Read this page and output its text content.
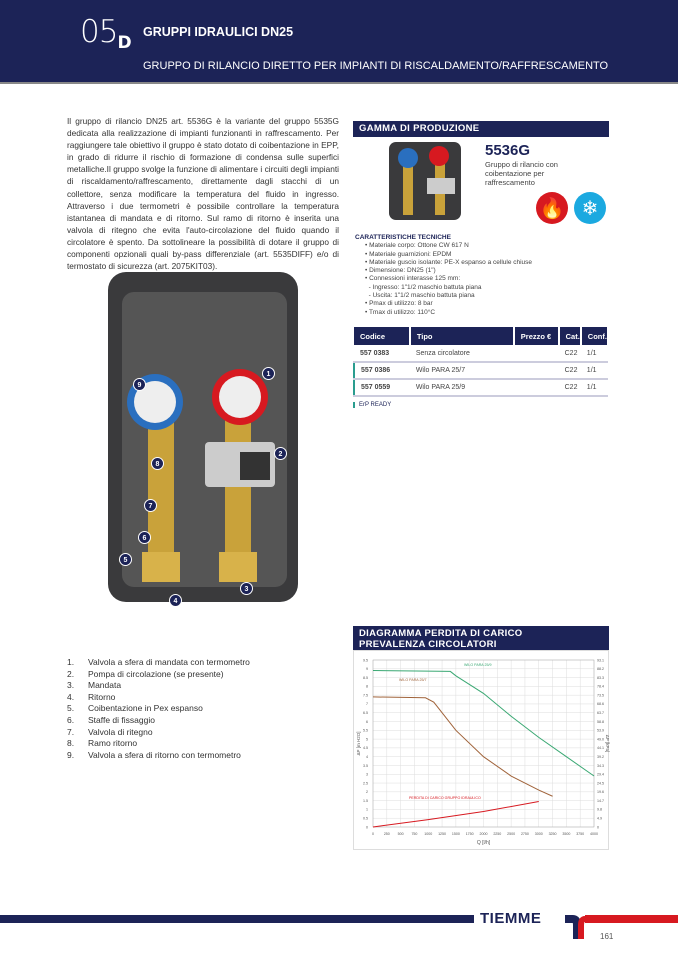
05D
GRUPPI IDRAULICI DN25
GRUPPO DI RILANCIO DIRETTO PER IMPIANTI DI RISCALDAMENTO/RAFFRESCAMENTO

Il gruppo di rilancio DN25 art. 5536G è la variante del gruppo 5535G dedicata alla realizzazione di impianti funzionanti in raffrescamento. Per raggiungere tale obiettivo il gruppo è stato dotato di coibentazione in EPP, in grado di ridurre il rischio di formazione di condensa sulle superfici metalliche.Il gruppo svolge la funzione di alimentare i circuiti degli impianti di riscaldamento/raffrescamento, direttamente dagli stacchi di un collettore, senza modificare la temperatura del fluido in ingresso. Attraverso i due termometri è possibile controllare la temperatura istantanea di mandata e di ritorno. Sul ramo di ritorno è inserita una valvola di ritegno che evita l'auto-circolazione del fluido quando il circolatore è spento. Da sottolineare la possibilità di dotare il gruppo di componenti opzionali quali by-pass differenziale (art. 5535DIFF) e/o di termostato di sicurezza (art. 2075KIT03).

9
1
2
8
7
6
5
4
3
1. Valvola a sfera di mandata con termometro
2. Pompa di circolazione (se presente)
3. Mandata
4. Ritorno
5. Coibentazione in Pex espanso
6. Staffe di fissaggio
7. Valvola di ritegno
8. Ramo ritorno
9. Valvola a sfera di ritorno con termometro
GAMMA DI PRODUZIONE
5536G
Gruppo di rilancio con coibentazione per raffrescamento
🔥 ❄
CARATTERISTICHE TECNICHE
• Materiale corpo: Ottone CW 617 N
• Materiale guarnizioni: EPDM
• Materiale guscio isolante: PE-X espanso a cellule chiuse
• Dimensione: DN25 (1")
• Connessioni interasse 125 mm:
- Ingresso: 1"1/2 maschio battuta piana
- Uscita: 1"1/2 maschio battuta piana
• Pmax di utilizzo: 8 bar
• Tmax di utilizzo: 110°C
Codice	Tipo	Prezzo €	Cat.	Conf.
557 0383	Senza circolatore		C22	1/1
557 0386	Wilo PARA 25/7		C22	1/1
557 0559	Wilo PARA 25/9		C22	1/1
ErP READY
DIAGRAMMA PERDITA DI CARICO
PREVALENZA CIRCOLATORI
0	250 500 750 1000 1250 1500 1750 2000 2250 2500 2750 3000 3250 3500 3750 4000
0	0
0.5	4.9
1	9.8
1.5	14.7
2	19.6
2.5	24.5
3	29.4
3.5	34.3
4	39.2
4.5	44.1
5	49.0
5.5	53.9
6	58.8
6.5	63.7
7	68.6
7.5	73.5
8	78.4
8.5	83.3
9	88.2
9.5	93.1
Q [l/h]
ΔP [m H2O]	ΔP [kPa]
WILO PARA 25/9
WILO PARA 25/7
PERDITA DI CARICO GRUPPO IDRAULICO
TIEMME
161
